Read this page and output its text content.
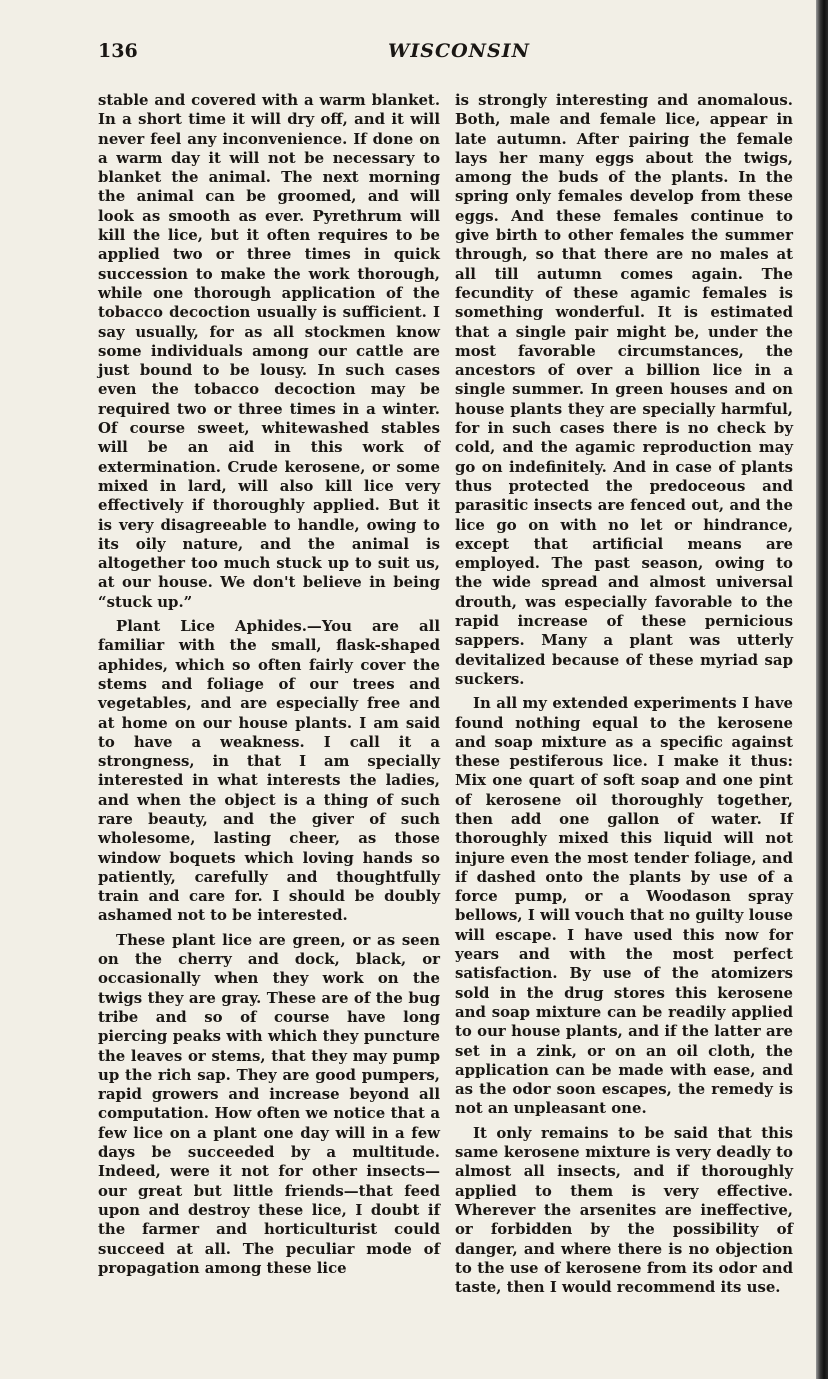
136	WISCONSIN

stable and covered with a warm blanket. In a short time it will dry off, and it will never feel any inconvenience. If done on a warm day it will not be necessary to blanket the animal. The next morning the animal can be groomed, and will look as smooth as ever. Pyrethrum will kill the lice, but it often requires to be applied two or three times in quick succession to make the work thorough, while one thorough application of the tobacco decoction usually is sufficient. I say usually, for as all stockmen know some individuals among our cattle are just bound to be lousy. In such cases even the tobacco decoction may be required two or three times in a winter. Of course sweet, whitewashed stables will be an aid in this work of extermination. Crude kerosene, or some mixed in lard, will also kill lice very effectively if thoroughly applied. But it is very disagreeable to handle, owing to its oily nature, and the animal is altogether too much stuck up to suit us, at our house. We don't believe in being “stuck up.”

Plant Lice Aphides.—You are all familiar with the small, flask-shaped aphides, which so often fairly cover the stems and foliage of our trees and vegetables, and are especially free and at home on our house plants. I am said to have a weakness. I call it a strongness, in that I am specially interested in what interests the ladies, and when the object is a thing of such rare beauty, and the giver of such wholesome, lasting cheer, as those window boquets which loving hands so patiently, carefully and thoughtfully train and care for. I should be doubly ashamed not to be interested.

These plant lice are green, or as seen on the cherry and dock, black, or occasionally when they work on the twigs they are gray. These are of the bug tribe and so of course have long piercing peaks with which they puncture the leaves or stems, that they may pump up the rich sap. They are good pumpers, rapid growers and increase beyond all computation. How often we notice that a few lice on a plant one day will in a few days be succeeded by a multitude. Indeed, were it not for other insects—our great but little friends—that feed upon and destroy these lice, I doubt if the farmer and horticulturist could succeed at all. The peculiar mode of propagation among these lice

is strongly interesting and anomalous. Both, male and female lice, appear in late autumn. After pairing the female lays her many eggs about the twigs, among the buds of the plants. In the spring only females develop from these eggs. And these females continue to give birth to other females the summer through, so that there are no males at all till autumn comes again. The fecundity of these agamic females is something wonderful. It is estimated that a single pair might be, under the most favorable circumstances, the ancestors of over a billion lice in a single summer. In green houses and on house plants they are specially harmful, for in such cases there is no check by cold, and the agamic reproduction may go on indefinitely. And in case of plants thus protected the predoceous and parasitic insects are fenced out, and the lice go on with no let or hindrance, except that artificial means are employed. The past season, owing to the wide spread and almost universal drouth, was especially favorable to the rapid increase of these pernicious sappers. Many a plant was utterly devitalized because of these myriad sap suckers.

In all my extended experiments I have found nothing equal to the kerosene and soap mixture as a specific against these pestiferous lice. I make it thus: Mix one quart of soft soap and one pint of kerosene oil thoroughly together, then add one gallon of water. If thoroughly mixed this liquid will not injure even the most tender foliage, and if dashed onto the plants by use of a force pump, or a Woodason spray bellows, I will vouch that no guilty louse will escape. I have used this now for years and with the most perfect satisfaction. By use of the atomizers sold in the drug stores this kerosene and soap mixture can be readily applied to our house plants, and if the latter are set in a zink, or on an oil cloth, the application can be made with ease, and as the odor soon escapes, the remedy is not an unpleasant one.

It only remains to be said that this same kerosene mixture is very deadly to almost all insects, and if thoroughly applied to them is very effective. Wherever the arsenites are ineffective, or forbidden by the possibility of danger, and where there is no objection to the use of kerosene from its odor and taste, then I would recommend its use.
